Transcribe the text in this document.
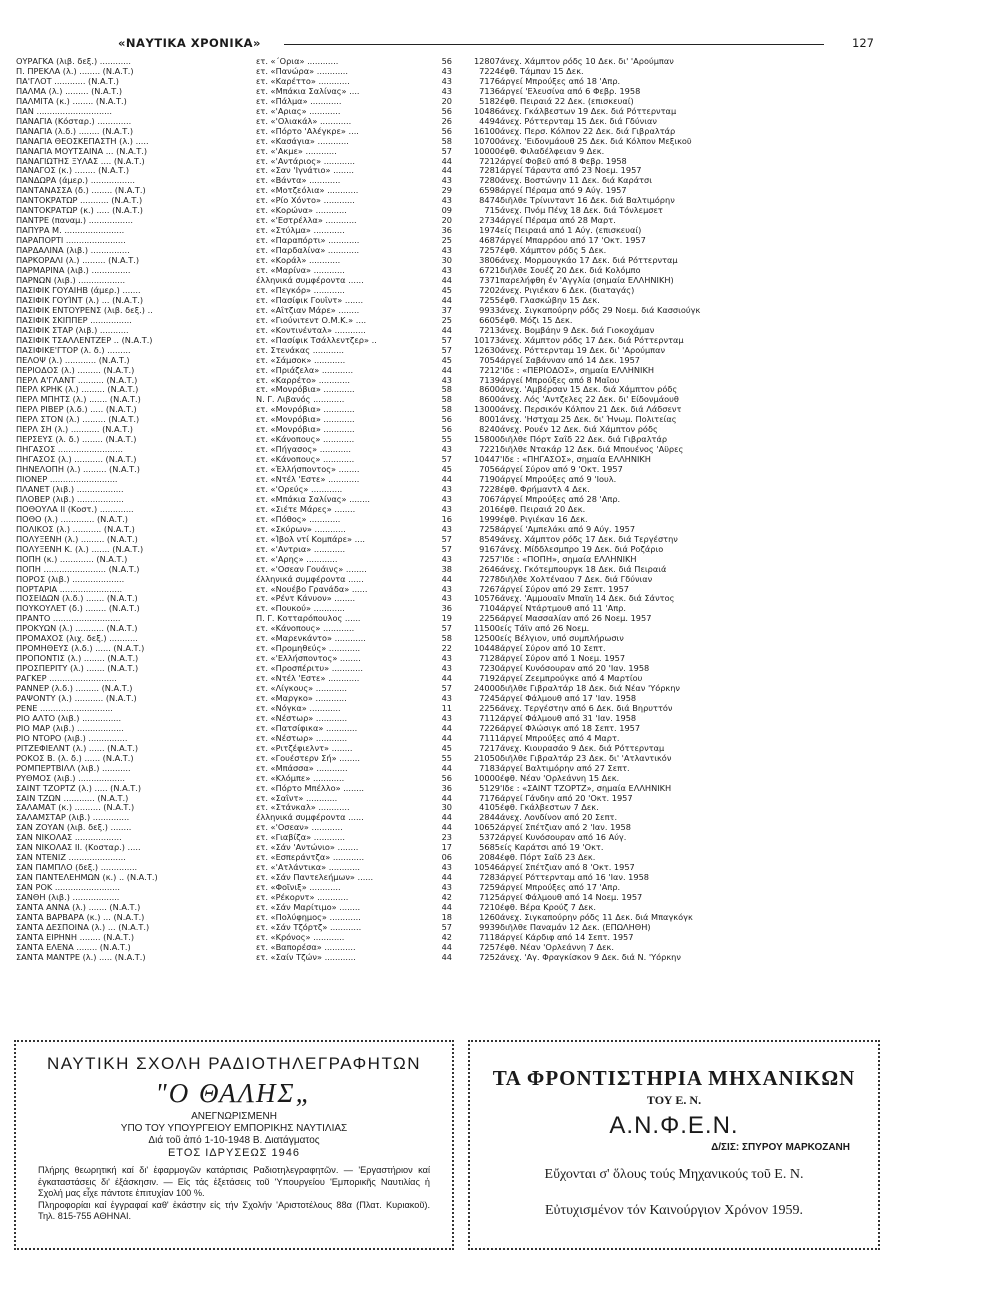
«ΝΑΥΤΙΚΑ ΧΡΟΝΙΚΑ»	127
ΟΥΡΑΓΚΑ (λιβ. δεξ.) ............	ετ. «΄Ορια» ............	56	12807	άνεχ. Χάμπτον ρόδς 10 Δεκ. δι' 'Αρούμπαν
Π. ΠΡΕΚΛΑ (λ.) ........ (Ν.Α.Τ.)	ετ. «Πανώρα» ............	43	7224	έφθ. Τάμπαν 15 Δεκ.
ΠΑ'ΓΛΟΤ ............ (Ν.Α.Τ.)	ετ. «Καρέττο» ............	43	7176	άργεί Μπρούξες από 18 'Απρ.
ΠΑΛΜΑ (λ.) ......... (Ν.Α.Τ.)	ετ. «Μπάκια Σαλίνας» ....	43	7136	άργεί 'Ελευσίνα από 6 Φεβρ. 1958
ΠΑΛΜΙΤΑ (κ.) ........ (Ν.Α.Τ.)	ετ. «Πάλμα» ............	20	5182	έφθ. Πειραιά 22 Δεκ. (επισκευαί)
ΠΑΝ .............................	ετ. «'Αριας» ............	56	10486	άνεχ. Γκάλβεστων 19 Δεκ. διά Ρόττερνταμ
ΠΑΝΑΓΙΑ (Κόσταρ.) .............	ετ. «'Ολιακάλ» ............	26	4494	άνεχ. Ρόττερνταμ 15 Δεκ. διά Γδύνιαν
ΠΑΝΑΓΙΑ (λ.δ.) ........ (Ν.Α.Τ.)	ετ. «Πόρτο 'Αλέγκρε» ....	56	16100	άνεχ. Περσ. Κόλπον 22 Δεκ. διά Γιβραλτάρ
ΠΑΝΑΓΙΑ ΘΕΟΣΚΕΠΑΣΤΗ (λ.) .....	ετ. «Κασάγια» ............	58	10700	άνεχ. 'Ειδονμάουθ 25 Δεκ. διά Κόλπον Μεξικοῦ
ΠΑΝΑΓΙΑ ΜΟΥΤΣΑΙΝΑ ... (Ν.Α.Τ.)	ετ. «'Ακμε» ............	57	10000	έφθ. Φιλαδέλφειαν 9 Δεκ.
ΠΑΝΑΓΙΩΤΗΣ ΞΥΛΑΣ .... (Ν.Α.Τ.)	ετ. «'Αντάριος» ............	44	7212	άργεί Φοβεῦ από 8 Φεβρ. 1958
ΠΑΝΑΓΟΣ (κ.) ........ (Ν.Α.Τ.)	ετ. «Σαν 'Ιγνάτιο» ........	44	7281	άργεί Τάραντα από 23 Νοεμ. 1957
ΠΑΝΔΩΡΑ (άμερ.) .................	ετ. «Βάντα» ............	43	7280	άνεχ. Βοστώνην 11 Δεκ. διά Καράτσι
ΠΑΝΤΑΝΑΣΣΑ (δ.) ........ (Ν.Α.Τ.)	ετ. «Μοτζεόλια» ............	29	6598	άργεί Πέραμα από 9 Αύγ. 1957
ΠΑΝΤΟΚΡΑΤΩΡ ........... (Ν.Α.Τ.)	ετ. «Ρίο Χόντο» ............	43	8474	διῆλθε Τρίνινταντ 16 Δεκ. διά Βαλτιμόρην
ΠΑΝΤΟΚΡΑΤΩΡ (κ.) ..... (Ν.Α.Τ.)	ετ. «Κορώνα» ............	09	715	άνεχ. Πνόμ Πένχ 18 Δεκ. διά Τόνλεμσετ
ΠΑΝΤΡΕ (παναμ.) .................	ετ. «'Εστρέλλα» ............	20	2734	άργεί Πέραμα από 28 Μαρτ.
ΠΑΠΥΡΑ Μ. .......................	ετ. «Στύλμα» ............	36	1974	είς Πειραιά από 1 Αύγ. (επισκευαί)
ΠΑΡΑΠΟΡΤΙ .......................	ετ. «Παραπόρτι» ............	25	4687	άργεί Μπαρρόου από 17 'Οκτ. 1957
ΠΑΡΔΑΛΙΝΑ (λιβ.) ...............	ετ. «Παρδαλίνα» ............	43	7257	έφθ. Χάμπτον ρόδς 5 Δεκ.
ΠΑΡΚΟΡΑΛΙ (λ.) ......... (Ν.Α.Τ.)	ετ. «Κοράλ» ............	30	3806	άνεχ. Μορμουγκάο 17 Δεκ. διά Ρόττερνταμ
ΠΑΡΜΑΡΙΝΑ (λιβ.) ...............	ετ. «Μαρίνα» ............	43	6721	διῆλθε Σουέζ 20 Δεκ. διά Κολόμπο
ΠΑΡΝΩΝ (λιβ.) ..................	έλληνικά συμφέροντα ......	44	7371	παρελήφθη έν 'Αγγλία (σημαία ΕΛΛΗΝΙΚΗ)
ΠΑΣΙΦΙΚ ΓΟΥΑΙΗΒ (άμερ.) .......	ετ. «Πεγκόρ» ............	45	7202	άνεχ. Ριγιέκαν 6 Δεκ. (διαταγάς)
ΠΑΣΙΦΙΚ ΓΟΥΊΝΤ (λ.) ... (Ν.Α.Τ.)	ετ. «Πασίφικ Γουΐντ» .......	44	7255	έφθ. Γλασκώβην 15 Δεκ.
ΠΑΣΙΦΙΚ ΕΝΤΟΥΡΕΝΣ (λιβ. δεξ.) ..	ετ. «Αΐτζιαν Μάρε» ........	37	9933	άνεχ. Σιγκαπούρην ρόδς 29 Νοεμ. διά Κασσιούγκ
ΠΑΣΙΦΙΚ ΣΚΙΠΠΕΡ ................	ετ. «Γιούνιτεντ Ο.Μ.Κ.» ....	25	6605	έφθ. Μόζι 15 Δεκ.
ΠΑΣΙΦΙΚ ΣΤΑΡ (λιβ.) ...........	ετ. «Κοντινένταλ» ............	44	7213	άνεχ. Βομβάην 9 Δεκ. διά Γιοκοχάμαν
ΠΑΣΙΦΙΚ ΤΣΑΛΛΕΝΤΖΕΡ .. (Ν.Α.Τ.)	ετ. «Πασίφικ Τσάλλεντζερ» ..	57	10173	άνεχ. Χάμπτον ρόδς 17 Δεκ. διά Ρόττερνταμ
ΠΑΣΙΦΙΚΕ'ΓΤΟΡ (λ. δ.) .........	ετ. Στενάκας ............	57	12630	άνεχ. Ρόττερνταμ 19 Δεκ. δι' 'Αρούμπαν
ΠΕΛΟΨ (λ.) ............ (Ν.Α.Τ.)	ετ. «Σάμσοκ» ............	45	7054	άργεί Σαβάνναν από 14 Δεκ. 1957
ΠΕΡΙΟΔΟΣ (λ.) ......... (Ν.Α.Τ.)	ετ. «Πριάζελα» ............	44	7212	'Ιδε : «ΠΕΡΙΟΔΟΣ», σημαία ΕΛΛΗΝΙΚΗ
ΠΕΡΛ Α'ΓΛΑΝΤ .......... (Ν.Α.Τ.)	ετ. «Καρρέτο» ............	43	7139	άργεί Μπρούξες από 8 Μαΐου
ΠΕΡΛ ΚΡΗΚ (λ.) ......... (Ν.Α.Τ.)	ετ. «Μονρόβια» ............	58	8600	άνεχ. 'Αμβέρσαν 15 Δεκ. διά Χάμπτον ρόδς
ΠΕΡΛ ΜΠΗΤΣ (λ.) ....... (Ν.Α.Τ.)	Ν. Γ. Λιβανός ............	58	8600	άνεχ. Λός 'Αντζελες 22 Δεκ. δι' Είδονμάουθ
ΠΕΡΛ ΡΙΒΕΡ (λ.δ.) ..... (Ν.Α.Τ.)	ετ. «Μονρόβια» ............	58	13000	άνεχ. Περσικόν Κόλπον 21 Δεκ. διά Λάδσεντ
ΠΕΡΛ ΣΤΟΝ (λ.) ......... (Ν.Α.Τ.)	ετ. «Μονρόβια» ............	56	8001	άνεχ. 'Ηστχαμ 25 Δεκ. δι' Ήνωμ. Πολιτείας
ΠΕΡΛ ΣΗ (λ.) ........... (Ν.Α.Τ.)	ετ. «Μονρόβια» ............	56	8240	άνεχ. Ρουέν 12 Δεκ. διά Χάμπτον ρόδς
ΠΕΡΣΕΥΣ (λ. δ.) ........ (Ν.Α.Τ.)	ετ. «Κάνοπους» ............	55	15800	διῆλθε Πόρτ Σαΐδ 22 Δεκ. διά Γιβραλτάρ
ΠΗΓΑΣΟΣ .........................	ετ. «Πήγασος» ............	43	7221	διῆλθε Ντακάρ 12 Δεκ. διά Μπουένος 'Αϋρες
ΠΗΓΑΣΟΣ (λ.) ........... (Ν.Α.Τ.)	ετ. «Κάνοπους» ............	57	10447	'Ιδε : «ΠΗΓΑΣΟΣ», σημαία ΕΛΛΗΝΙΚΗ
ΠΗΝΕΛΟΠΗ (λ.) ......... (Ν.Α.Τ.)	ετ. «Έλλήσποντος» ........	45	7056	άργεί Σύρον από 9 'Οκτ. 1957
ΠΙΟΝΕΡ ..........................	ετ. «Ντέλ 'Εστε» ............	44	7190	άργεί Μπρούξες από 9 'Ιουλ.
ΠΛΑΝΕΤ (λιβ.) ..................	ετ. «'Ορεύς» ............	43	7228	έφθ. Φρήμαντλ 4 Δεκ.
ΠΛΟΒΕΡ (λιβ.) ..................	ετ. «Μπάκια Σαλίνας» ........	43	7067	άργεί Μπρούξες από 28 'Απρ.
ΠΟΘΟΥΛΑ ΙΙ (Κοστ.) .............	ετ. «Σιέτε Μάρες» ........	43	2016	έφθ. Πειραιά 20 Δεκ.
ΠΟΘΟ (λ.) ............. (Ν.Α.Τ.)	ετ. «Πόθος» ............	16	1999	έφθ. Ριγιέκαν 16 Δεκ.
ΠΟΛΙΚΟΣ (λ.) ........... (Ν.Α.Τ.)	ετ. «Σκύρων» ............	43	7258	άργεί 'Αμπελάκι από 9 Αύγ. 1957
ΠΟΛΥΞΕΝΗ (λ.) ......... (Ν.Α.Τ.)	ετ. «Ίβολ ντί Κομπάρε» ....	57	8549	άνεχ. Χάμπτον ρόδς 17 Δεκ. διά Τεργέστην
ΠΟΛΥΞΕΝΗ Κ. (λ.) ....... (Ν.Α.Τ.)	ετ. «'Αντρια» ............	57	9167	άνεχ. Μίδδλεσμπρο 19 Δεκ. διά Ροζάριο
ΠΟΠΗ (κ.) ............. (Ν.Α.Τ.)	ετ. «'Αρης» ............	43	7257	'Ιδε : «ΠΟΠΗ», σημαία ΕΛΛΗΝΙΚΗ
ΠΟΠΗ ........................ (Ν.Α.Τ.)	ετ. «'Οσεαν Γουάινς» ........	38	2646	άνεχ. Γκότεμπουργκ 18 Δεκ. διά Πειραιά
ΠΟΡΟΣ (λιβ.) ....................	έλληνικά συμφέροντα ......	44	7278	διῆλθε Χολτέναου 7 Δεκ. διά Γδύνιαν
ΠΟΡΤΑΡΙΑ ........................	ετ. «Νουέβο Γρανάδα» ......	43	7267	άργεί Σύρον από 29 Σεπτ. 1957
ΠΟΣΕΙΔΩΝ (λ.δ.) ....... (Ν.Α.Τ.)	ετ. «Ρέντ Κάνυον» ........	43	10576	άνεχ. 'Αμμουαϊν Μπαϊη 14 Δεκ. διά Σάντος
ΠΟΥΚΟΥΛΕΤ (δ.) ........ (Ν.Α.Τ.)	ετ. «Πουκού» ............	36	7104	άργεί Ντάρτμουθ από 11 'Απρ.
ΠΡΑΝΤΟ ..........................	Π. Γ. Κοτταρόπουλος ......	19	2256	άργεί Μασσαλίαν από 26 Νοεμ. 1957
ΠΡΟΚΥΩΝ (λ.) ........... (Ν.Α.Τ.)	ετ. «Κάνοπους» ............	57	11500	είς Τάϊν από 26 Νοεμ.
ΠΡΟΜΑΧΟΣ (λιχ. δεξ.) ...........	ετ. «Μαρενκάντο» ............	58	12500	είς Βέλγιον, υπό συμπλήρωσιν
ΠΡΟΜΗΘΕΥΣ (λ.δ.) ...... (Ν.Α.Τ.)	ετ. «Προμηθεύς» ............	22	10448	άργεί Σύρον από 10 Σεπτ.
ΠΡΟΠΟΝΤΙΣ (λ.) ........ (Ν.Α.Τ.)	ετ. «'Ελλήσποντος» ........	43	7128	άργεί Σύρον από 1 Νοεμ. 1957
ΠΡΟΣΠΕΡΙΤΥ (λ.) ....... (Ν.Α.Τ.)	ετ. «Προσπέριτυ» ............	43	7230	άργεί Κυνόσουραν από 20 'Ιαν. 1958
ΡΑΓΚΕΡ ..........................	ετ. «Ντέλ 'Εστε» ............	44	7192	άργεί Ζεεμπρούγκε από 4 Μαρτίου
ΡΑΝΝΕΡ (λ.δ.) ......... (Ν.Α.Τ.)	ετ. «Λίγκους» ............	57	24000	διῆλθε Γιβραλτάρ 18 Δεκ. διά Νέαν 'Υόρκην
ΡΑΨΟΝΤΥ (λ.) ........... (Ν.Α.Τ.)	ετ. «Μαργκο» ............	43	7245	άργεί Φάλμουθ από 17 'Ιαν. 1958
ΡΕΝΕ ............................	ετ. «Νόγκα» ............	11	2256	άνεχ. Τεργέστην από 6 Δεκ. διά Βηρυττόν
ΡΙΟ ΑΛΤΟ (λιβ.) ...............	ετ. «Νέστωρ» ............	43	7112	άργεί Φάλμουθ από 31 'Ιαν. 1958
ΡΙΟ ΜΑΡ (λιβ.) ..................	ετ. «Πατσίφικα» ............	44	7226	άργεί Φλώσιγκ από 18 Σεπτ. 1957
ΡΙΟ ΝΤΟΡΟ (λιβ.) ...............	ετ. «Νέστωρ» ............	44	7111	άργεί Μπρούξες από 4 Μαρτ.
ΡΙΤΖΕΦΙΕΛΝΤ (λ.) ...... (Ν.Α.Τ.)	ετ. «Ριτζέφιελντ» ........	45	7217	άνεχ. Κιουρασάο 9 Δεκ. διά Ρόττερνταμ
ΡΟΚΟΣ Β. (λ. δ.) ...... (Ν.Α.Τ.)	ετ. «Γουέστερν Σή» ........	55	21050	διῆλθε Γιβραλτάρ 23 Δεκ. δι' 'Ατλαντικόν
ΡΟΜΠΕΡΤΒΙΛΛ (λιβ.) ...........	ετ. «Μπάσσα» ............	44	7183	άργεί Βαλτιμόρην από 27 Σεπτ.
ΡΥΘΜΟΣ (λιβ.) ..................	ετ. «Κλόμπε» ............	56	10000	έφθ. Νέαν 'Ορλεάννη 15 Δεκ.
ΣΑΙΝΤ ΤΖΟΡΤΖ (λ.) ..... (Ν.Α.Τ.)	ετ. «Πόρτο Μπέλλο» ........	36	5129	'Ιδε : «ΣΑΙΝΤ ΤΖΟΡΤΖ», σημαία ΕΛΛΗΝΙΚΗ
ΣΑΙΝ ΤΖΩΝ ............ (Ν.Α.Τ.)	ετ. «Σαΐντ» ............	44	7176	άργεί Γάνδην από 20 'Οκτ. 1957
ΣΑΛΑΜΑΤ (κ.) .......... (Ν.Α.Τ.)	ετ. «Στάνκαλ» ............	30	4105	έφθ. Γκάλβεστων 7 Δεκ.
ΣΑΛΑΜΣΤΑΡ (λιβ.) ..............	έλληνικά συμφέροντα ......	44	2844	άνεχ. Λονδίνον από 20 Σεπτ.
ΣΑΝ ΖΟΥΑΝ (λιβ. δεξ.) ........	ετ. «'Οσεαν» ............	44	10652	άργεί Σπέτζιαν από 2 'Ιαν. 1958
ΣΑΝ ΝΙΚΟΛΑΣ ..................	ετ. «Γιαβίζα» ............	23	5372	άργεί Κυνόσουραν από 16 Αύγ.
ΣΑΝ ΝΙΚΟΛΑΣ ΙΙ. (Κοσταρ.) .....	ετ. «Σάν 'Αντώνιο» ........	17	5685	είς Καράτσι από 19 'Οκτ.
ΣΑΝ ΝΤΕΝΙΖ ......................	ετ. «Εσπεράντζα» ............	06	2084	έφθ. Πόρτ Σαΐδ 23 Δεκ.
ΣΑΝ ΠΑΜΠΛΟ (δεξ.) ..............	ετ. «'Ατλάντικα» ............	43	10546	άργεί Σπέτζιαν από 8 'Οκτ. 1957
ΣΑΝ ΠΑΝΤΕΛΕΗΜΩΝ (κ.) .. (Ν.Α.Τ.)	ετ. «Σάν Παντελεήμων» ......	44	7283	άργεί Ρόττερνταμ από 16 'Ιαν. 1958
ΣΑΝ ΡΟΚ .........................	ετ. «Φοῖνιξ» ............	43	7259	άργεί Μπρούξες από 17 'Απρ.
ΣΑΝΘΗ (λιβ.) ..................	ετ. «Ρέκορντ» ............	42	7125	άργεί Φάλμουθ από 14 Νοεμ. 1957
ΣΑΝΤΑ ΑΝΝΑ (λ.) ....... (Ν.Α.Τ.)	ετ. «Σάν Μαρίτιμο» ........	44	7210	έφθ. Βέρα Κρούζ 7 Δεκ.
ΣΑΝΤΑ ΒΑΡΒΑΡΑ (κ.) ... (Ν.Α.Τ.)	ετ. «Πολύφημος» ............	18	1260	άνεχ. Σιγκαπούρην ρόδς 11 Δεκ. διά Μπαγκόγκ
ΣΑΝΤΑ ΔΕΣΠΟΙΝΑ (λ.) ... (Ν.Α.Τ.)	ετ. «Σάν Τζόρτζ» ............	57	9939	διῆλθε Παναμάν 12 Δεκ. (ΕΠΩΛΗΘΗ)
ΣΑΝΤΑ ΕΙΡΗΝΗ ........ (Ν.Α.Τ.)	ετ. «Κρόνος» ............	42	7118	άργεί Κάρδιφ από 14 Σεπτ. 1957
ΣΑΝΤΑ ΕΛΕΝΑ ........ (Ν.Α.Τ.)	ετ. «Βαπορέσα» ............	44	7257	έφθ. Νέαν 'Ορλεάννη 7 Δεκ.
ΣΑΝΤΑ ΜΑΝΤΡΕ (λ.) ..... (Ν.Α.Τ.)	ετ. «Σαίν Τζών» ............	44	7252	άνεχ. 'Αγ. Φραγκίσκον 9 Δεκ. διά Ν. 'Υόρκην
ΝΑΥΤΙΚΗ ΣΧΟΛΗ ΡΑΔΙΟΤΗΛΕΓΡΑΦΗΤΩΝ
"Ο ΘΑΛΗΣ„
ΑΝΕΓΝΩΡΙΣΜΕΝΗ
ΥΠΟ ΤΟΥ ΥΠΟΥΡΓΕΙΟΥ ΕΜΠΟΡΙΚΗΣ ΝΑΥΤΙΛΙΑΣ
Διά τοῦ ἀπό 1-10-1948 Β. Διατάγματος
ΕΤΟΣ ΙΔΡΥΣΕΩΣ 1946
Πλήρης θεωρητική καί δι' ἐφαρμογῶν κατάρτισις Ραδιοτηλεγραφητῶν. — 'Εργαστήριον καί ἐγκαταστάσεις δι' ἐξάσκησιν. — Εἰς τάς ἐξετάσεις τοῦ 'Υπουργείου 'Εμπορικῆς Ναυτιλίας ἡ Σχολή μας εἶχε πάντοτε ἐπιτυχίαν 100 %.
Πληροφορίαι καί ἐγγραφαί καθ' ἑκάστην εἰς τήν Σχολήν 'Αριστοτέλους 88α (Πλατ. Κυριακοῦ). Τηλ. 815-755 ΑΘΗΝΑΙ.
ΤΑ ΦΡΟΝΤΙΣΤΗΡΙΑ ΜΗΧΑΝΙΚΩΝ
ΤΟΥ Ε. Ν.
Α.Ν.Φ.Ε.Ν.
Δ/ΣΙΣ: ΣΠΥΡΟΥ ΜΑΡΚΟΖΑΝΗ
Εὔχονται σ' ὅλους τούς Μηχανικούς τοῦ Ε. Ν.
Εὐτυχισμένον τόν Καινούργιον Χρόνον 1959.
